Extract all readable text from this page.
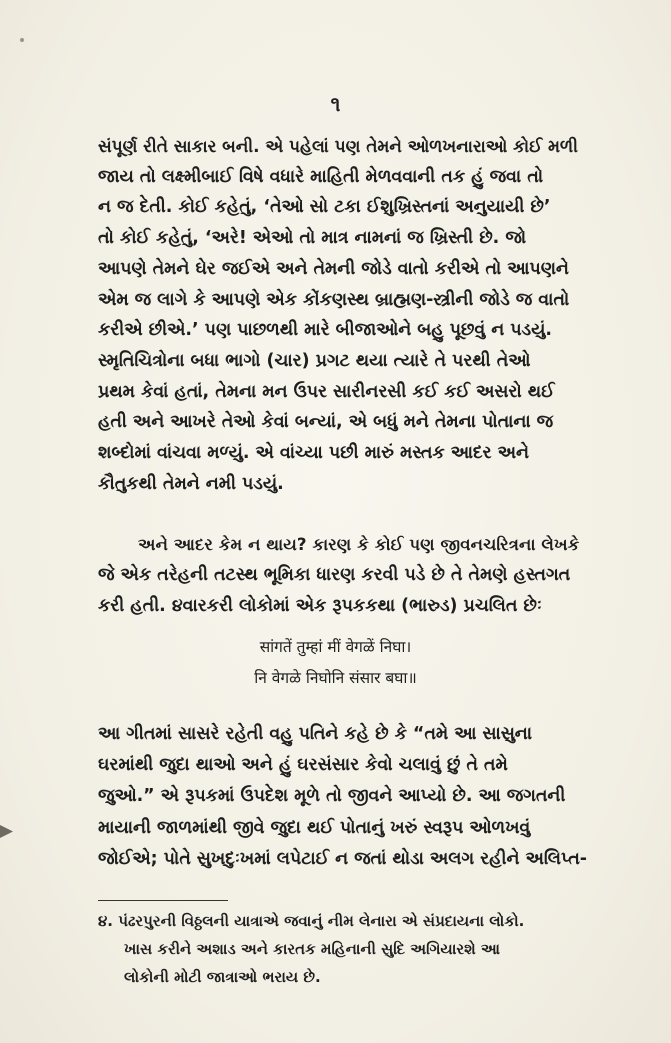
૧
સંપૂર્ણ રીતે સાકાર બની. એ પહેલાં પણ તેમને ઓળખનારાઓ કોઈ મળી
જાય તો લક્ષ્મીબાઈ વિષે વધારે માહિતી મેળવવાની તક હું જવા તો
ન જ દેતી. કોઈ કહેતું, ‘તેઓ સો ટકા ઈશુખ્રિસ્તનાં અનુયાયી છે’
તો કોઈ કહેતું, ‘અરે! એઓ તો માત્ર નામનાં જ ખ્રિસ્તી છે. જો
આપણે તેમને ઘેર જઈએ અને તેમની જોડે વાતો કરીએ તો આપણને
એમ જ લાગે કે આપણે એક કોંકણસ્થ બ્રાહ્મણ-સ્ત્રીની જોડે જ વાતો
કરીએ છીએ.’ પણ પાછળથી મારે બીજાઓને બહુ પૂછવું ન પડયું.
સ્મૃતિચિત્રોના બધા ભાગો (ચાર) પ્રગટ થયા ત્યારે તે પરથી તેઓ
પ્રથમ કેવાં હતાં, તેમના મન ઉપર સારીનરસી કઈ કઈ અસરો થઈ
હતી અને આખરે તેઓ કેવાં બન્યાં, એ બધું મને તેમના પોતાના જ
શબ્દોમાં વાંચવા મળ્યું. એ વાંચ્યા પછી મારું મસ્તક આદર અને
કૌતુકથી તેમને નમી પડયું.
અને આદર કેમ ન થાય? કારણ કે કોઈ પણ જીવનચરિત્રના લેખકે
જે એક તરેહની તટસ્થ ભૂમિકા ધારણ કરવી પડે છે તે તેમણે હસ્તગત
કરી હતી. ૪વારકરી લોકોમાં એક રૂપકકથા (ભારુડ) પ્રચલિત છેઃ
सांगतें तुम्हां मीं वेगळें निघा।
नि वेगळे निघोनि संसार बघा॥
આ ગીતમાં સાસરે રહેતી વહુ પતિને કહે છે કે “તમે આ સાસુના
ઘરમાંથી જુદા થાઓ અને હું ઘરસંસાર કેવો ચલાવું છું તે તમે
જુઓ.” એ રૂપકમાં ઉપદેશ મૂળે તો જીવને આપ્યો છે. આ જગતની
માયાની જાળમાંથી જીવે જુદા થઈ પોતાનું ખરું સ્વરૂપ ઓળખવું
જોઈએ; પોતે સુખદુઃખમાં લપેટાઈ ન જતાં થોડા અલગ રહીને અલિપ્ત-
૪. પંઢરપુરની વિઠ્ઠલની યાત્રાએ જવાનું નીમ લેનારા એ સંપ્રદાયના લોકો.
ખાસ કરીને અશાડ અને કારતક મહિનાની સુદિ અગિયારશે આ
લોકોની મોટી જાત્રાઓ ભરાય છે.
